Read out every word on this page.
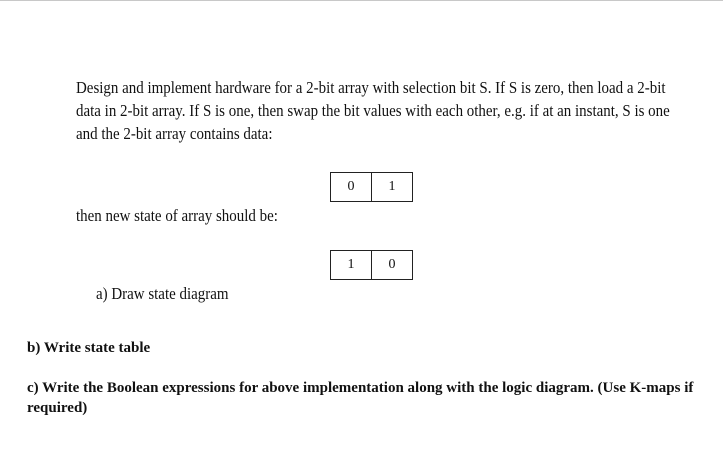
Design and implement hardware for a 2-bit array with selection bit S. If S is zero, then load a 2-bit
data in 2-bit array. If S is one, then swap the bit values with each other, e.g. if at an instant, S is one
and the 2-bit array contains data:
0	1
then new state of array should be:
1	0
a) Draw state diagram
b) Write state table
c) Write the Boolean expressions for above implementation along with the logic diagram. (Use K-maps if required)
